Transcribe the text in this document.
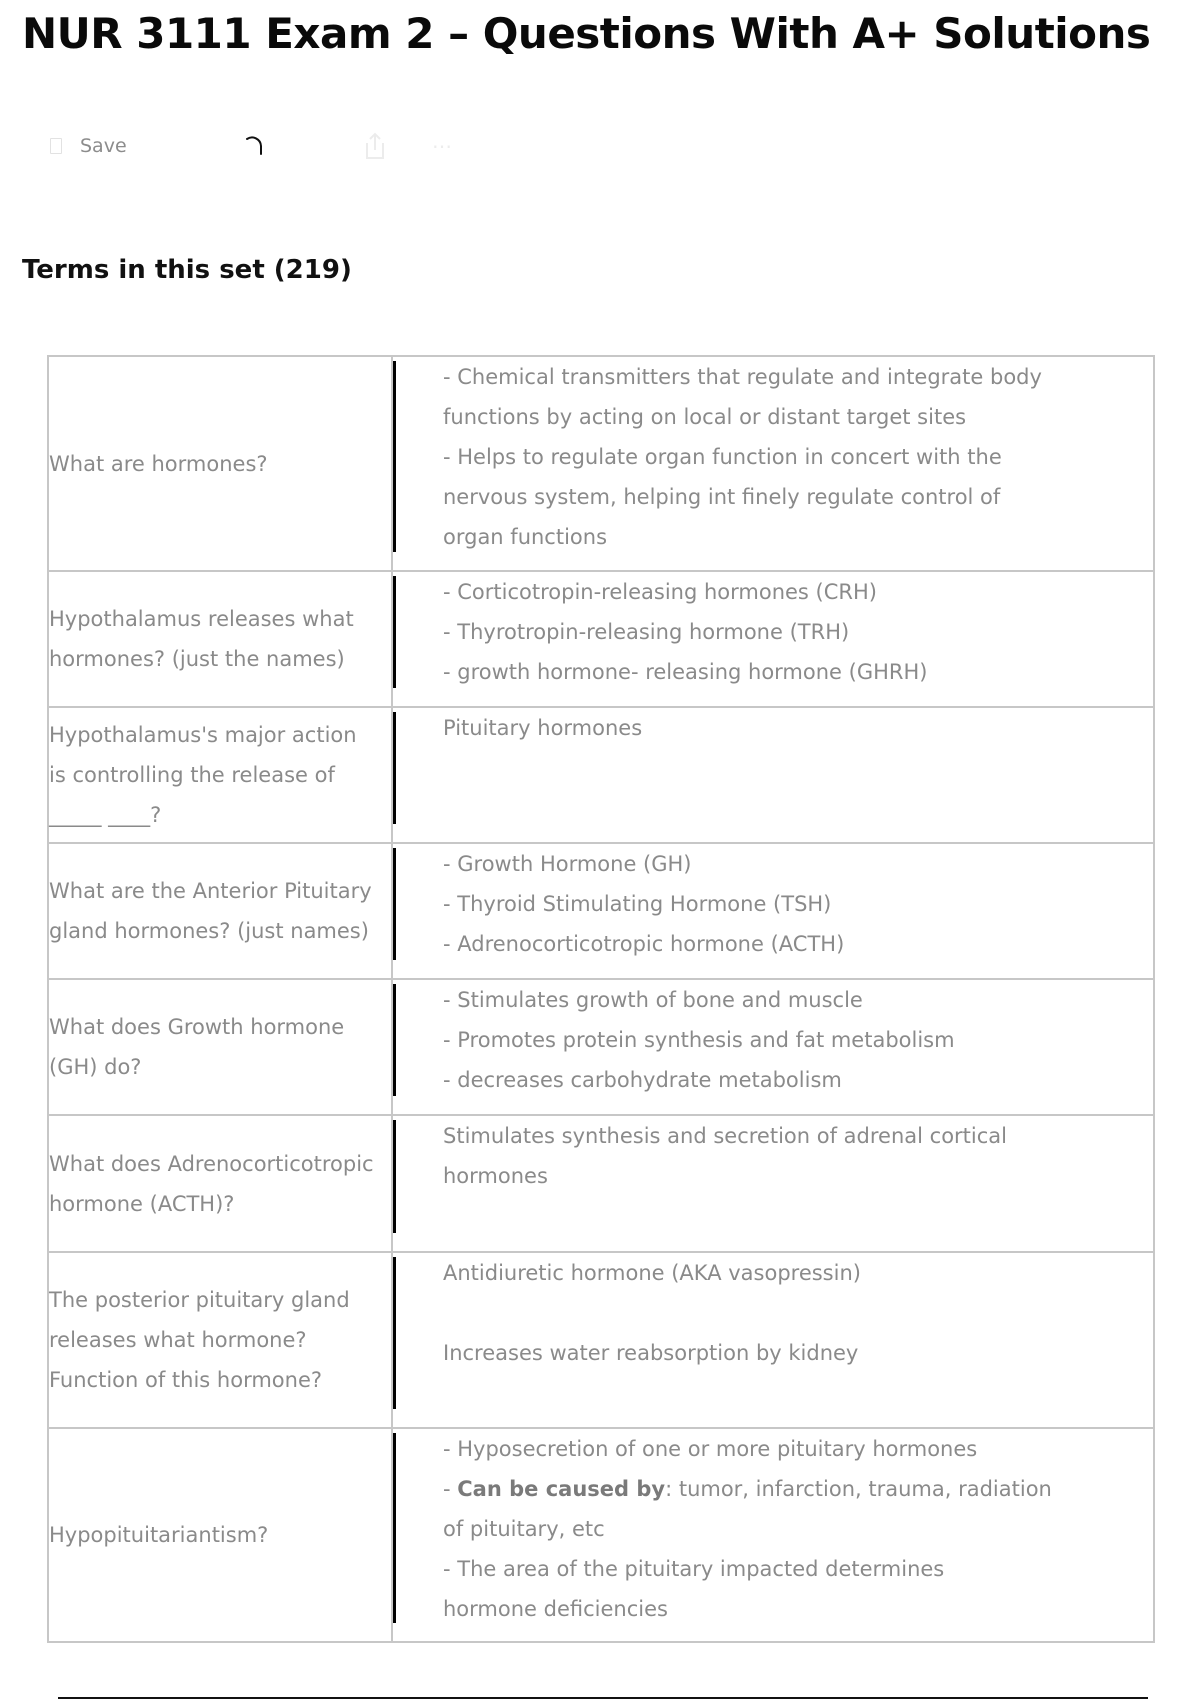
NUR 3111 Exam 2 – Questions With A+ Solutions
Save	⋯
Terms in this set (219)
What are hormones?	- Chemical transmitters that regulate and integrate body
functions by acting on local or distant target sites
- Helps to regulate organ function in concert with the
nervous system, helping int finely regulate control of
organ functions

Hypothalamus releases what hormones? (just the names)	- Corticotropin-releasing hormones (CRH)
- Thyrotropin-releasing hormone (TRH)
- growth hormone- releasing hormone (GHRH)

Hypothalamus's major action is controlling the release of _____ ____?	Pituitary hormones

What are the Anterior Pituitary gland hormones? (just names)	- Growth Hormone (GH)
- Thyroid Stimulating Hormone (TSH)
- Adrenocorticotropic hormone (ACTH)

What does Growth hormone (GH) do?	- Stimulates growth of bone and muscle
- Promotes protein synthesis and fat metabolism
- decreases carbohydrate metabolism

What does Adrenocorticotropic hormone (ACTH)?	Stimulates synthesis and secretion of adrenal cortical
hormones

The posterior pituitary gland releases what hormone? Function of this hormone?	Antidiuretic hormone (AKA vasopressin)
Increases water reabsorption by kidney

Hypopituitariantism?	- Hyposecretion of one or more pituitary hormones
- Can be caused by: tumor, infarction, trauma, radiation
of pituitary, etc
- The area of the pituitary impacted determines
hormone deficiencies
